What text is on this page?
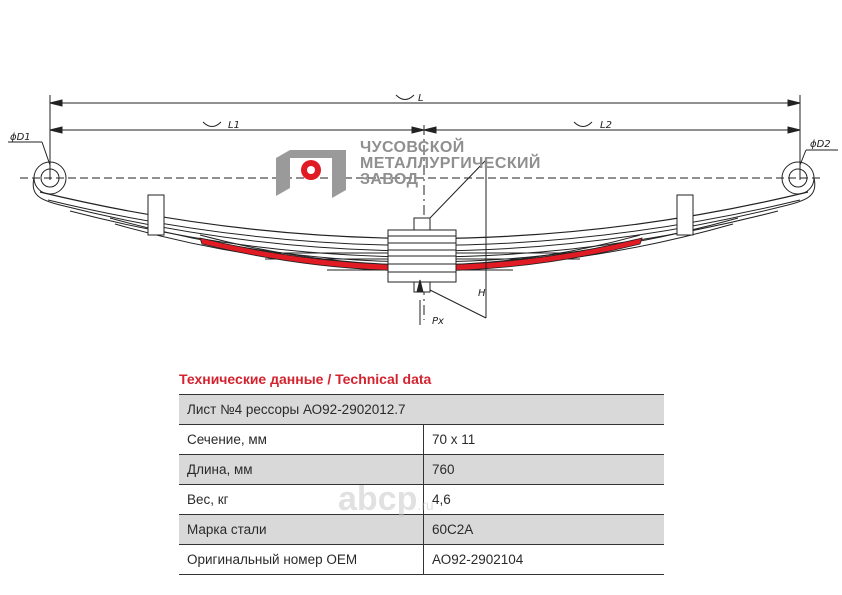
L
L1	L2
ϕD1
ϕD2
H
Pх
ЧУСОВСКОЙ
МЕТАЛЛУРГИЧЕСКИЙ
ЗАВОД
Технические данные / Technical data
Лист №4 рессоры АО92-2902012.7	
Сечение, мм	70 х 11
Длина, мм	760
Вес, кг	4,6
Марка стали	60С2А
Оригинальный номер ОЕМ	АО92-2902104
abcp.ru
